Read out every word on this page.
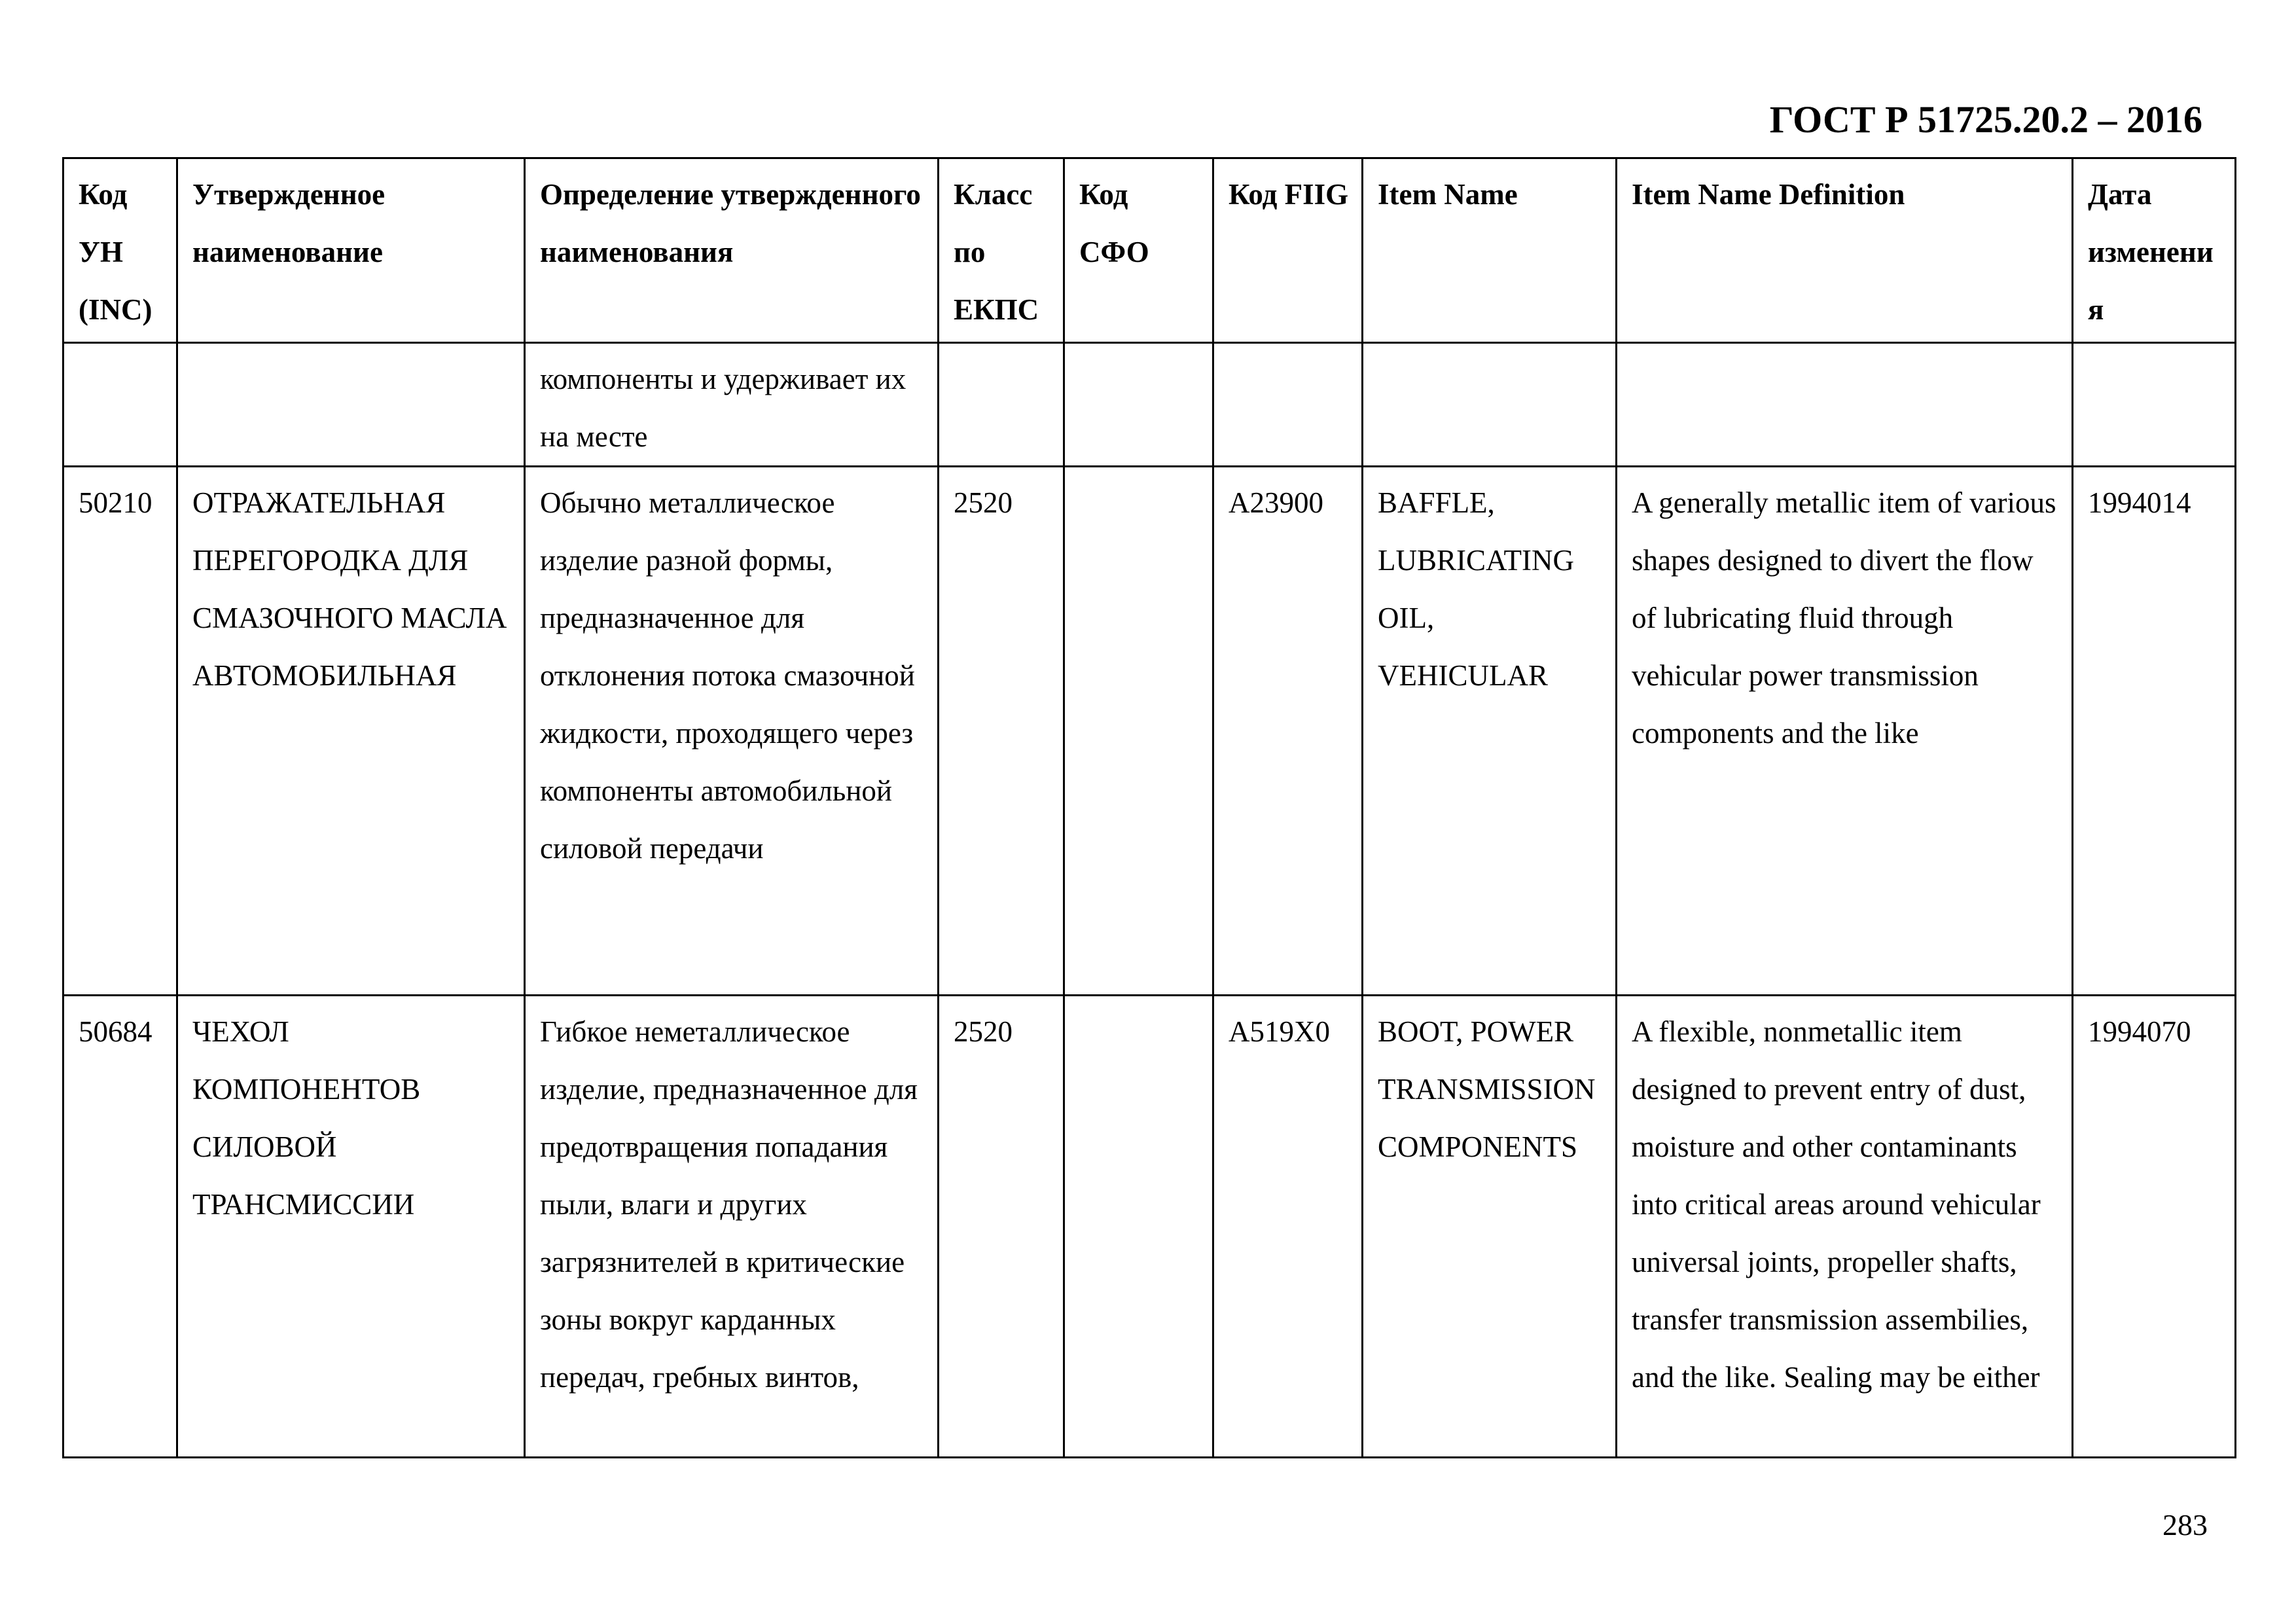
ГОСТ Р 51725.20.2 – 2016
Код УН (INC)	Утвержденное наименование	Определение утвержденного наименования	Класс по ЕКПС	Код СФО	Код FIIG	Item Name	Item Name Definition	Дата изменения
		компоненты и удерживает их на месте						
50210	ОТРАЖАТЕЛЬНАЯ ПЕРЕГОРОДКА ДЛЯ СМАЗОЧНОГО МАСЛА АВТОМОБИЛЬНАЯ	Обычно металлическое изделие разной формы, предназначенное для отклонения потока смазочной жидкости, проходящего через компоненты автомобильной силовой передачи	2520		A23900	BAFFLE, LUBRICATING OIL, VEHICULAR	A generally metallic item of various shapes designed to divert the flow of lubricating fluid through vehicular power transmission components and the like	1994014
50684	ЧЕХОЛ КОМПОНЕНТОВ СИЛОВОЙ ТРАНСМИССИИ	Гибкое неметаллическое изделие, предназначенное для предотвращения попадания пыли, влаги и других загрязнителей в критические зоны вокруг карданных передач, гребных винтов,	2520		A519X0	BOOT, POWER TRANSMISSION COMPONENTS	A flexible, nonmetallic item designed to prevent entry of dust, moisture and other contaminants into critical areas around vehicular universal joints, propeller shafts, transfer transmission assembilies, and the like. Sealing may be either	1994070
283
